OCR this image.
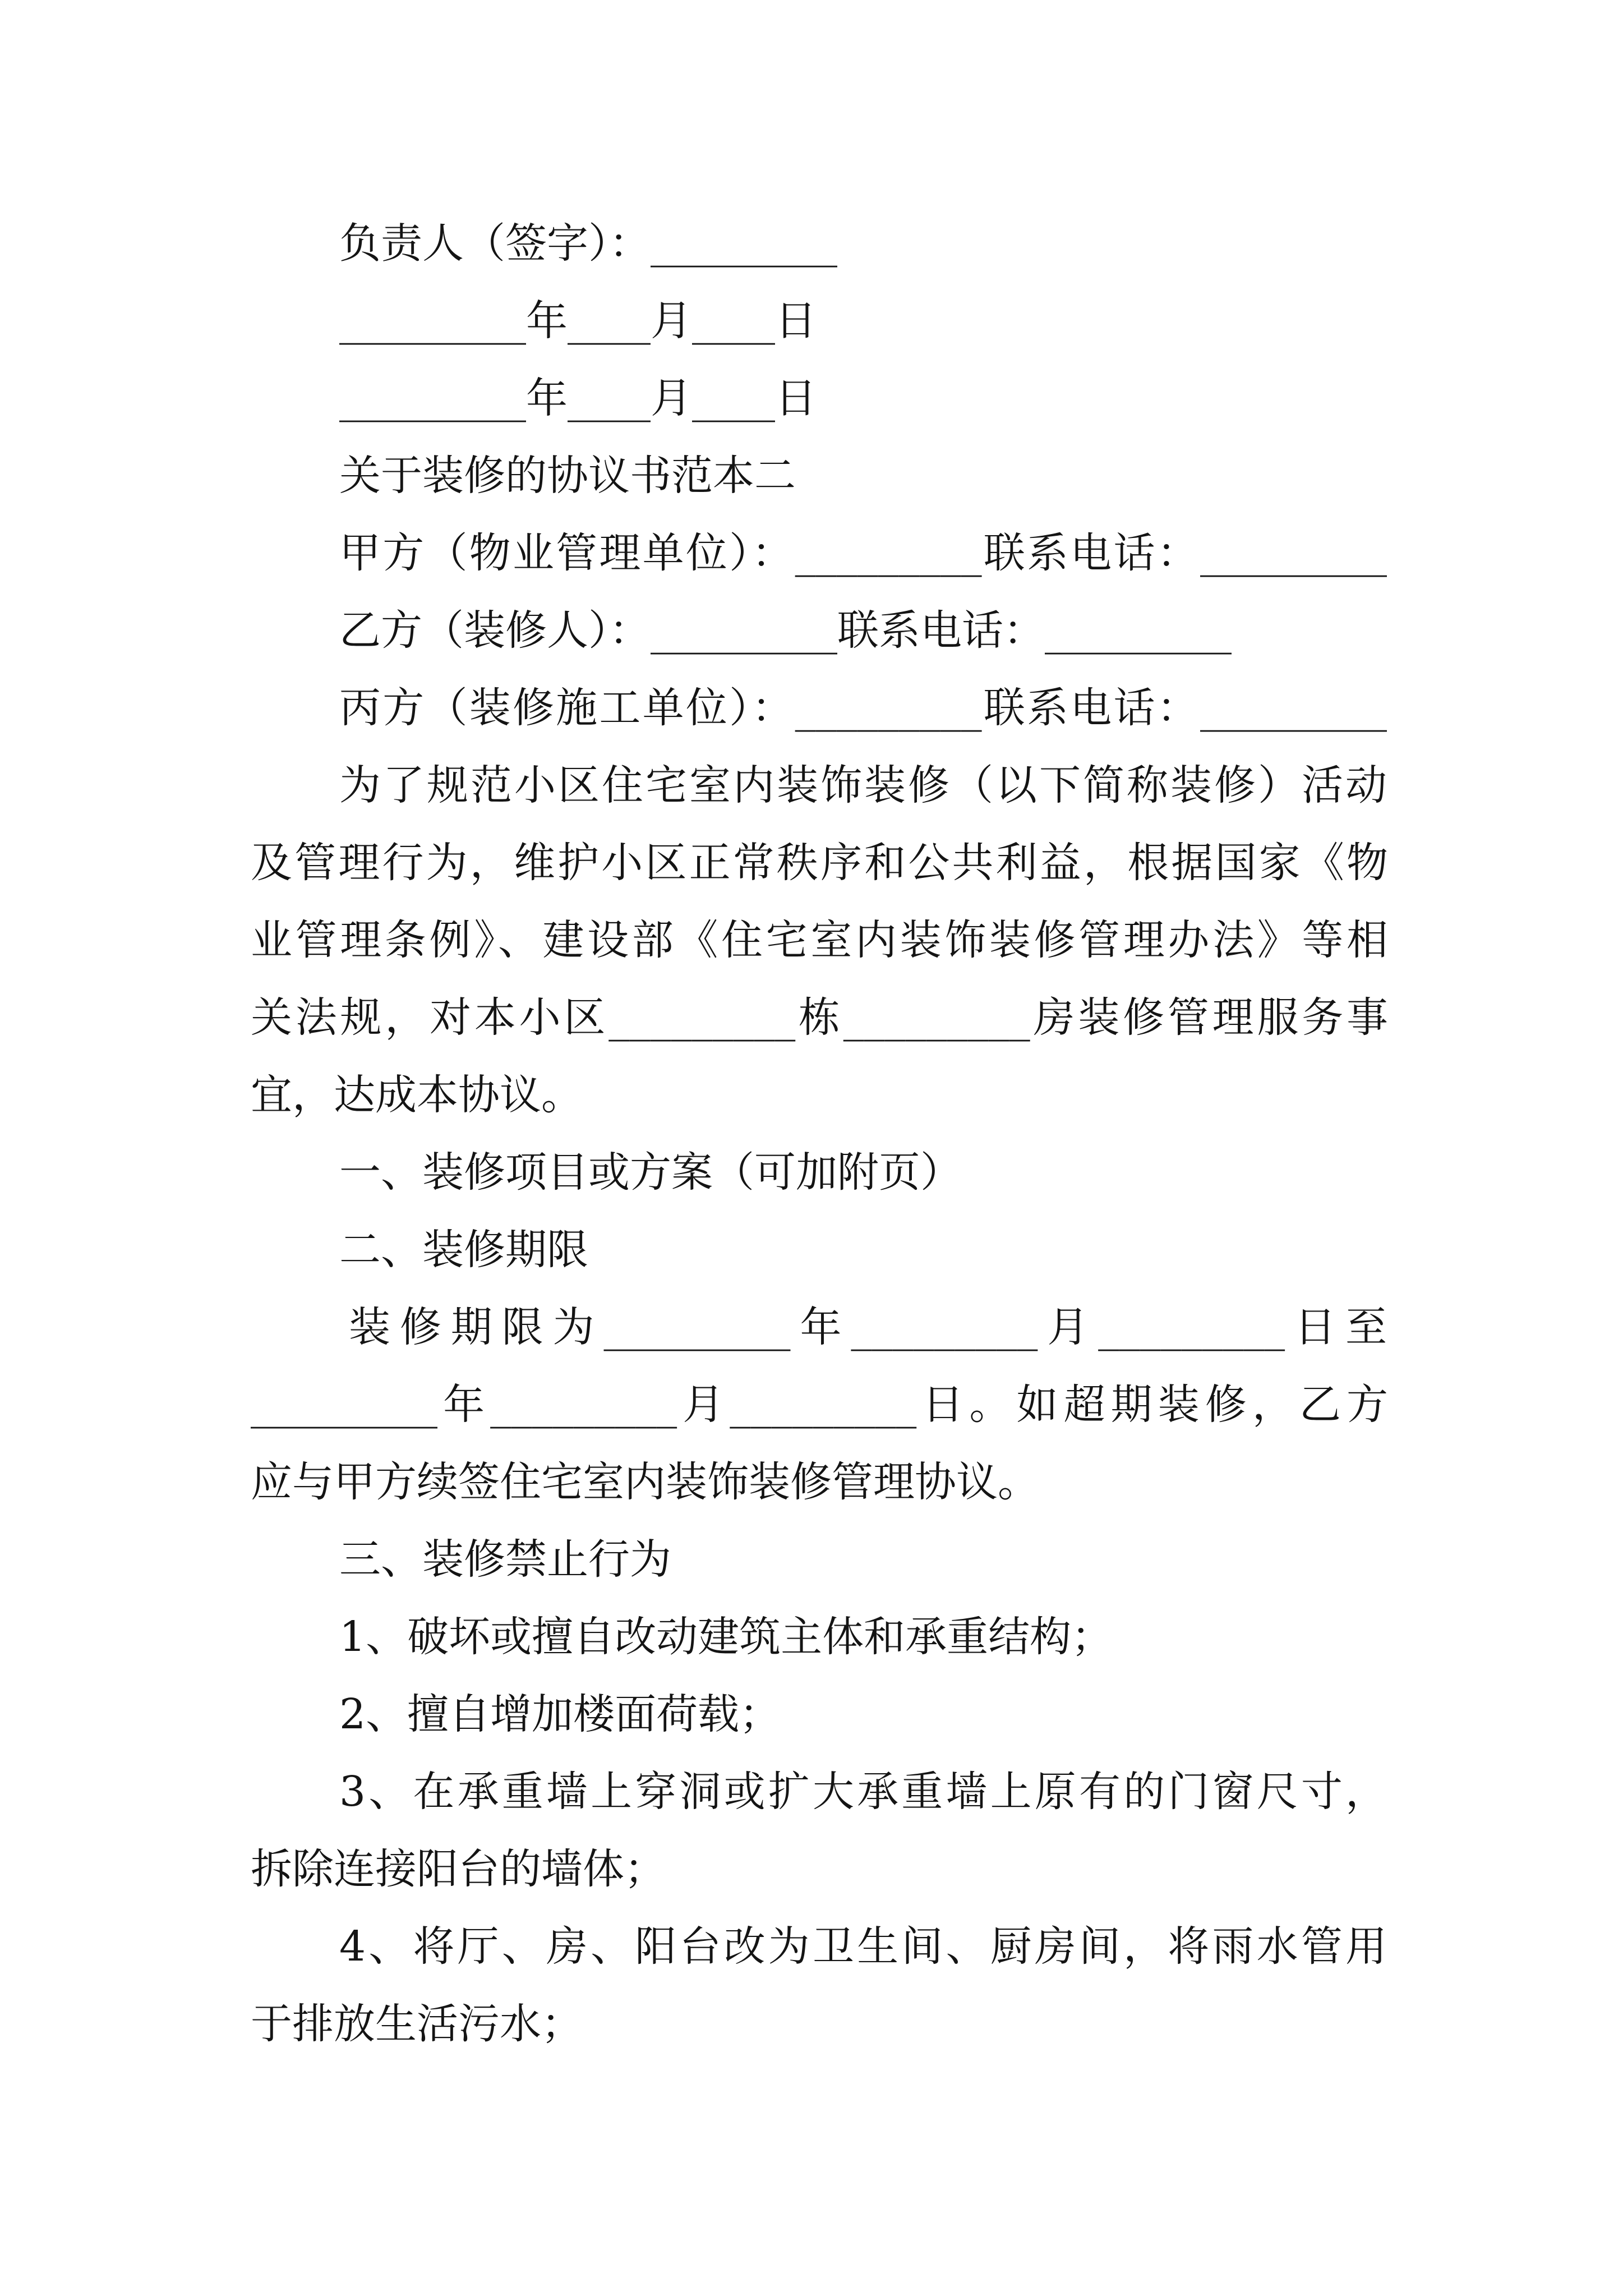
负责人（签字）：_________
_________年____月____日
_________年____月____日
关于装修的协议书范本二
甲方（物业管理单位）：_________联系电话：_________
乙方（装修人）：_________联系电话：_________
丙方（装修施工单位）：_________联系电话：_________
为了规范小区住宅室内装饰装修（以下简称装修）活动
及管理行为，维护小区正常秩序和公共利益，根据国家《物
业管理条例》、建设部《住宅室内装饰装修管理办法》等相
关法规，对本小区_________栋_________房装修管理服务事
宜，达成本协议。
一、装修项目或方案（可加附页）
二、装修期限
装修期限为_________年_________月_________日至
_________年_________月_________日。如超期装修，乙方
应与甲方续签住宅室内装饰装修管理协议。
三、装修禁止行为
1、破坏或擅自改动建筑主体和承重结构；
2、擅自增加楼面荷载；
3、在承重墙上穿洞或扩大承重墙上原有的门窗尺寸，
拆除连接阳台的墙体；
4、将厅、房、阳台改为卫生间、厨房间，将雨水管用
于排放生活污水；
